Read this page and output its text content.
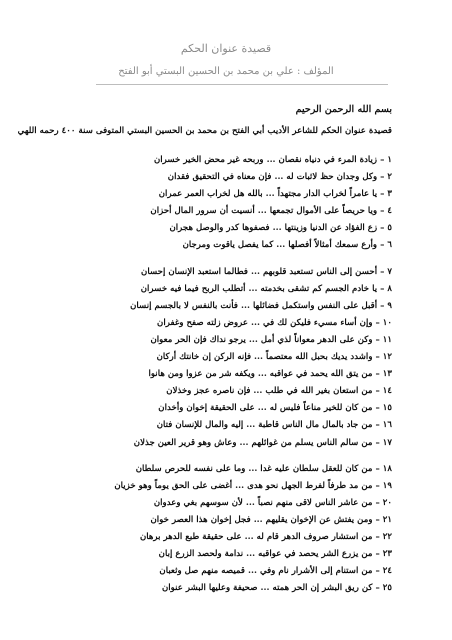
قصيدة عنوان الحكم
المؤلف : علي بن محمد بن الحسين البستي أبو الفتح
بسم الله الرحمن الرحيم
قصيدة عنوان الحكم للشاعر الأديب أبي الفتح بن محمد بن الحسين البستي المتوفى سنة ٤٠٠ رحمه اللهي
١ – زيادة المرء في دنياه نقصان ... وربحه غير محض الخير خسران
٢ – وكل وجدان حظ لاثبات له ... فإن معناه في التحقيق فقدان
٣ – يا عامراً لخراب الدار مجتهداً ... بالله هل لخراب العمر عمران
٤ – ويا حريصاً على الأموال تجمعها ... أنسيت أن سرور المال أحزان
٥ – زع الفؤاد عن الدنيا وزينتها ... فصفوها كدر والوصل هجران
٦ – وأرع سمعك أمثالاً أفصلها ... كما يفصل ياقوت ومرجان
٧ – أحسن إلى الناس تستعبد قلوبهم ... فطالما استعبد الإنسان إحسان
٨ – يا خادم الجسم كم تشقى بخدمته ... أتطلب الربح فيما فيه خسران
٩ – أقبل على النفس واستكمل فضائلها ... فأنت بالنفس لا بالجسم إنسان
١٠ – وإن أساء مسيء فليكن لك في ... عروض زلته صفح وغفران
١١ – وكن على الدهر معواناً لذي أمل ... يرجو نداك فإن الحر معوان
١٢ – واشدد يديك بحبل الله معتصماً ... فإنه الركن إن خانتك أركان
١٣ – من يتق الله يحمد في عواقبه ... ويكفه شر من عزوا ومن هانوا
١٤ – من استعان بغير الله في طلب ... فإن ناصره عجز وخذلان
١٥ – من كان للخير مناعاً فليس له ... على الحقيقة إخوان وأخدان
١٦ – من جاد بالمال مال الناس قاطبة ... إليه والمال للإنسان فتان
١٧ – من سالم الناس يسلم من غوائلهم ... وعاش وهو قرير العين جذلان
١٨ – من كان للعقل سلطان عليه غدا ... وما على نفسه للحرص سلطان
١٩ – من مد طرفاً لفرط الجهل نحو هدى ... أغضى على الحق يوماً وهو خزيان
٢٠ – من عاشر الناس لاقى منهم نصباً ... لأن سوسهم بغي وعدوان
٢١ – ومن يفتش عن الإخوان يقليهم ... فجل إخوان هذا العصر خوان
٢٢ – من استشار صروف الدهر قام له ... على حقيقة طبع الدهر برهان
٢٣ – من يزرع الشر يحصد في عواقبه ... ندامة ولحصد الزرع إبان
٢٤ – من استنام إلى الأشرار نام وفي ... قميصه منهم صل وثعبان
٢٥ – كن ريق البشر إن الحر همته ... صحيفة وعليها البشر عنوان
